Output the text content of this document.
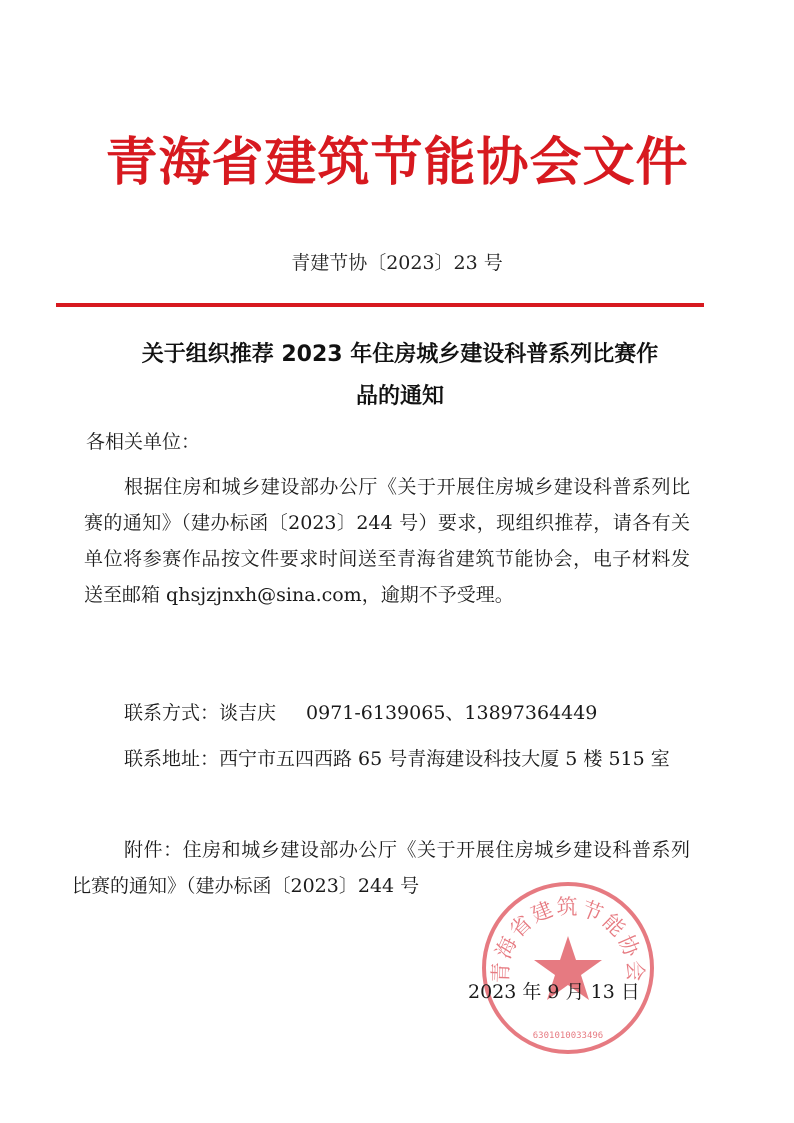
青海省建筑节能协会文件
青建节协〔2023〕23 号
关于组织推荐 2023 年住房城乡建设科普系列比赛作
品的通知
各相关单位：
根据住房和城乡建设部办公厅《关于开展住房城乡建设科普系列比赛的通知》（建办标函〔2023〕244 号）要求，现组织推荐，请各有关单位将参赛作品按文件要求时间送至青海省建筑节能协会，电子材料发送至邮箱 qhsjzjnxh@sina.com，逾期不予受理。
联系方式：谈吉庆 0971-6139065、13897364449
联系地址：西宁市五四西路 65 号青海建设科技大厦 5 楼 515 室
附件：住房和城乡建设部办公厅《关于开展住房城乡建设科普系列比赛的通知》（建办标函〔2023〕244 号
青海省建筑节能协会
6301010033496
2023 年 9 月 13 日
